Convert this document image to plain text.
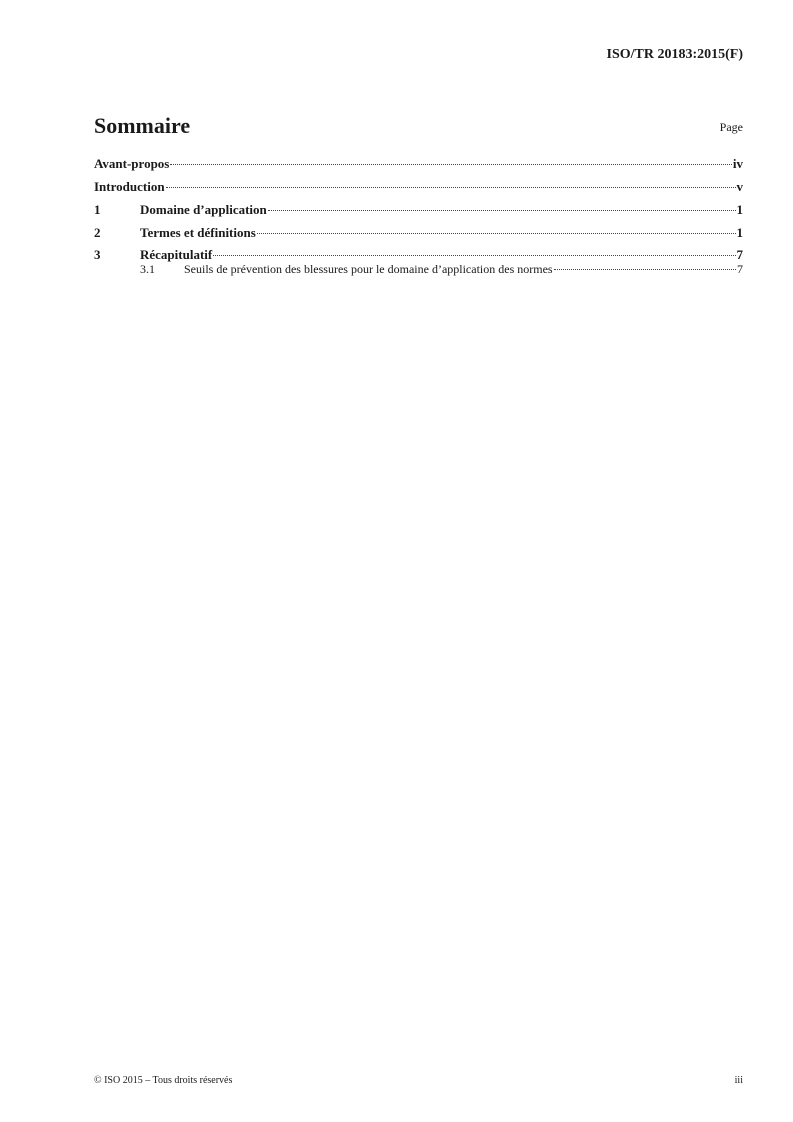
ISO/TR 20183:2015(F)
Sommaire	Page
Avant-propos	iv
Introduction	v
1	Domaine d’application	1
2	Termes et définitions	1
3	Récapitulatif	7
3.1	Seuils de prévention des blessures pour le domaine d’application des normes	7
© ISO 2015 – Tous droits réservés	iii
